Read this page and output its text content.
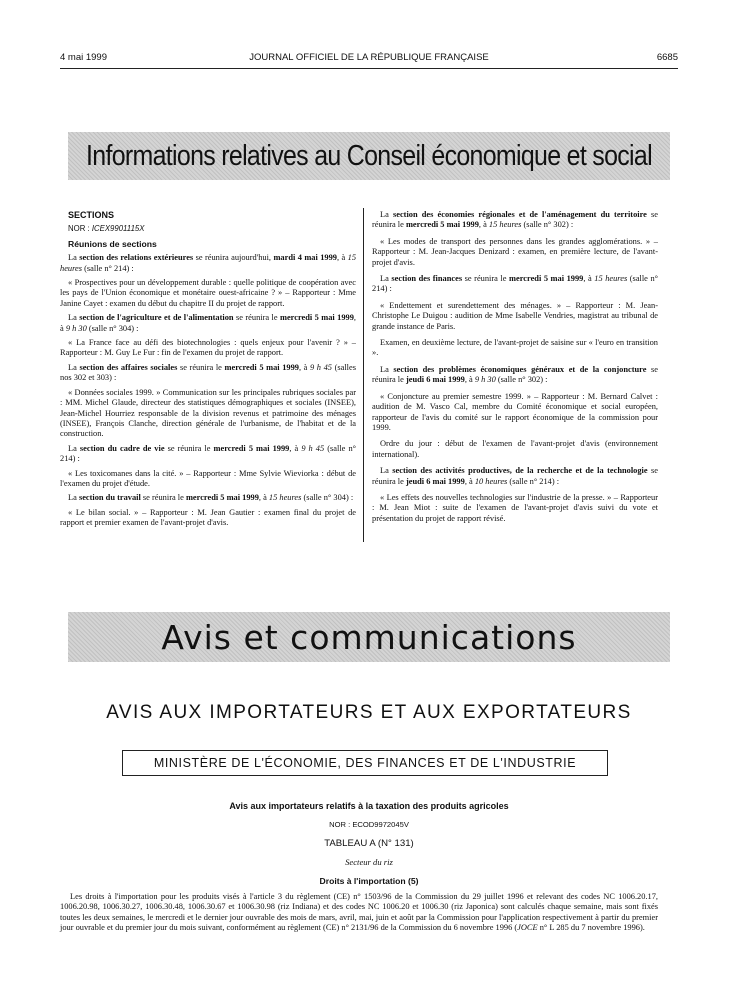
4 mai 1999	JOURNAL OFFICIEL DE LA RÉPUBLIQUE FRANÇAISE	6685
Informations relatives au Conseil économique et social

SECTIONS

NOR : ICEX9901115X

Réunions de sections

La section des relations extérieures se réunira aujourd'hui, mardi 4 mai 1999, à 15 heures (salle n° 214) :

« Prospectives pour un développement durable : quelle politique de coopération avec les pays de l'Union économique et monétaire ouest-africaine ? » – Rapporteur : Mme Janine Cayet : examen du début du chapitre II du projet de rapport.

La section de l'agriculture et de l'alimentation se réunira le mercredi 5 mai 1999, à 9 h 30 (salle n° 304) :

« La France face au défi des biotechnologies : quels enjeux pour l'avenir ? » – Rapporteur : M. Guy Le Fur : fin de l'examen du projet de rapport.

La section des affaires sociales se réunira le mercredi 5 mai 1999, à 9 h 45 (salles nos 302 et 303) :

« Données sociales 1999. » Communication sur les principales rubriques sociales par : MM. Michel Glaude, directeur des statistiques démographiques et sociales (INSEE), Jean-Michel Hourriez responsable de la division revenus et patrimoine des ménages (INSEE), François Clanche, direction générale de l'urbanisme, de l'habitat et de la construction.

La section du cadre de vie se réunira le mercredi 5 mai 1999, à 9 h 45 (salle n° 214) :

« Les toxicomanes dans la cité. » – Rapporteur : Mme Sylvie Wieviorka : début de l'examen du projet d'étude.

La section du travail se réunira le mercredi 5 mai 1999, à 15 heures (salle n° 304) :

« Le bilan social. » – Rapporteur : M. Jean Gautier : examen final du projet de rapport et premier examen de l'avant-projet d'avis.

La section des économies régionales et de l'aménagement du territoire se réunira le mercredi 5 mai 1999, à 15 heures (salle n° 302) :

« Les modes de transport des personnes dans les grandes agglomérations. » – Rapporteur : M. Jean-Jacques Denizard : examen, en première lecture, de l'avant-projet d'avis.

La section des finances se réunira le mercredi 5 mai 1999, à 15 heures (salle n° 214) :

« Endettement et surendettement des ménages. » – Rapporteur : M. Jean-Christophe Le Duigou : audition de Mme Isabelle Vendries, magistrat au tribunal de grande instance de Paris.

Examen, en deuxième lecture, de l'avant-projet de saisine sur « l'euro en transition ».

La section des problèmes économiques généraux et de la conjoncture se réunira le jeudi 6 mai 1999, à 9 h 30 (salle n° 302) :

« Conjoncture au premier semestre 1999. » – Rapporteur : M. Bernard Calvet : audition de M. Vasco Cal, membre du Comité économique et social européen, rapporteur de l'avis du comité sur le rapport économique de la commission pour 1999.

Ordre du jour : début de l'examen de l'avant-projet d'avis (environnement international).

La section des activités productives, de la recherche et de la technologie se réunira le jeudi 6 mai 1999, à 10 heures (salle n° 214) :

« Les effets des nouvelles technologies sur l'industrie de la presse. » – Rapporteur : M. Jean Miot : suite de l'examen de l'avant-projet d'avis suivi du vote et présentation du projet de rapport révisé.

Avis et communications
AVIS AUX IMPORTATEURS ET AUX EXPORTATEURS
MINISTÈRE DE L'ÉCONOMIE, DES FINANCES ET DE L'INDUSTRIE
Avis aux importateurs relatifs à la taxation des produits agricoles
NOR : ECOD9972045V
TABLEAU A (N° 131)
Secteur du riz
Droits à l'importation (5)

Les droits à l'importation pour les produits visés à l'article 3 du règlement (CE) n° 1503/96 de la Commission du 29 juillet 1996 et relevant des codes NC 1006.20.17, 1006.20.98, 1006.30.27, 1006.30.48, 1006.30.67 et 1006.30.98 (riz Indiana) et des codes NC 1006.20 et 1006.30 (riz Japonica) sont calculés chaque semaine, mais sont fixés toutes les deux semaines, le mercredi et le dernier jour ouvrable des mois de mars, avril, mai, juin et août par la Commission pour l'application respectivement à partir du premier jour ouvrable et du premier jour du mois suivant, conformément au règlement (CE) n° 2131/96 de la Commission du 6 novembre 1996 (JOCE n° L 285 du 7 novembre 1996).
